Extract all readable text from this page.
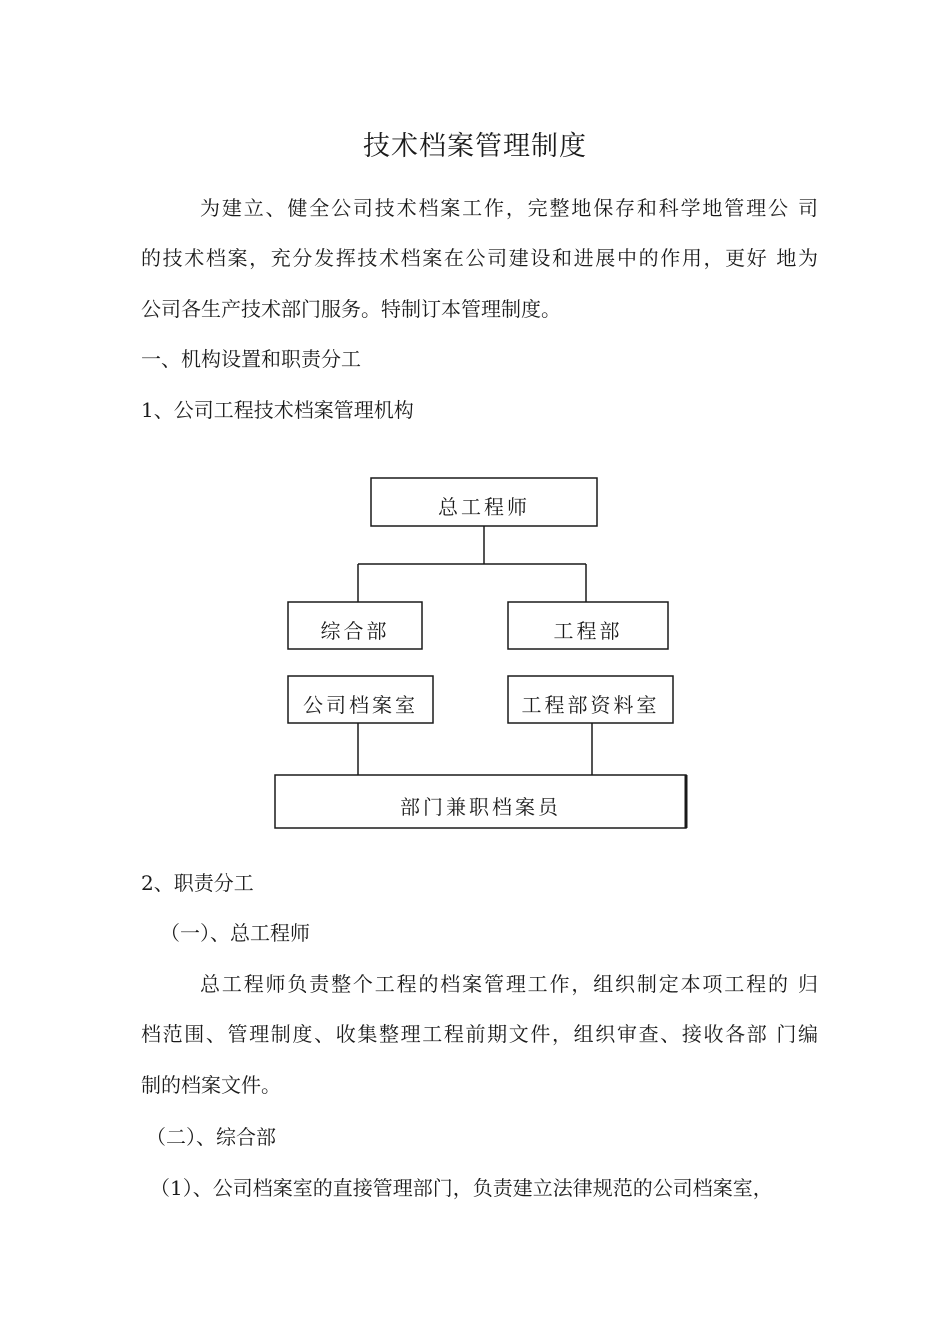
技术档案管理制度
为建立、健全公司技术档案工作，完整地保存和科学地管理公 司
的技术档案，充分发挥技术档案在公司建设和进展中的作用，更好 地为
公司各生产技术部门服务。特制订本管理制度。
一、机构设置和职责分工
1、公司工程技术档案管理机构
总工程师
综合部	工程部
公司档案室	工程部资料室
部门兼职档案员
2、职责分工
（一）、总工程师
总工程师负责整个工程的档案管理工作，组织制定本项工程的 归
档范围、管理制度、收集整理工程前期文件，组织审查、接收各部 门编
制的档案文件。
（二）、综合部
（1）、公司档案室的直接管理部门，负责建立法律规范的公司档案室，
